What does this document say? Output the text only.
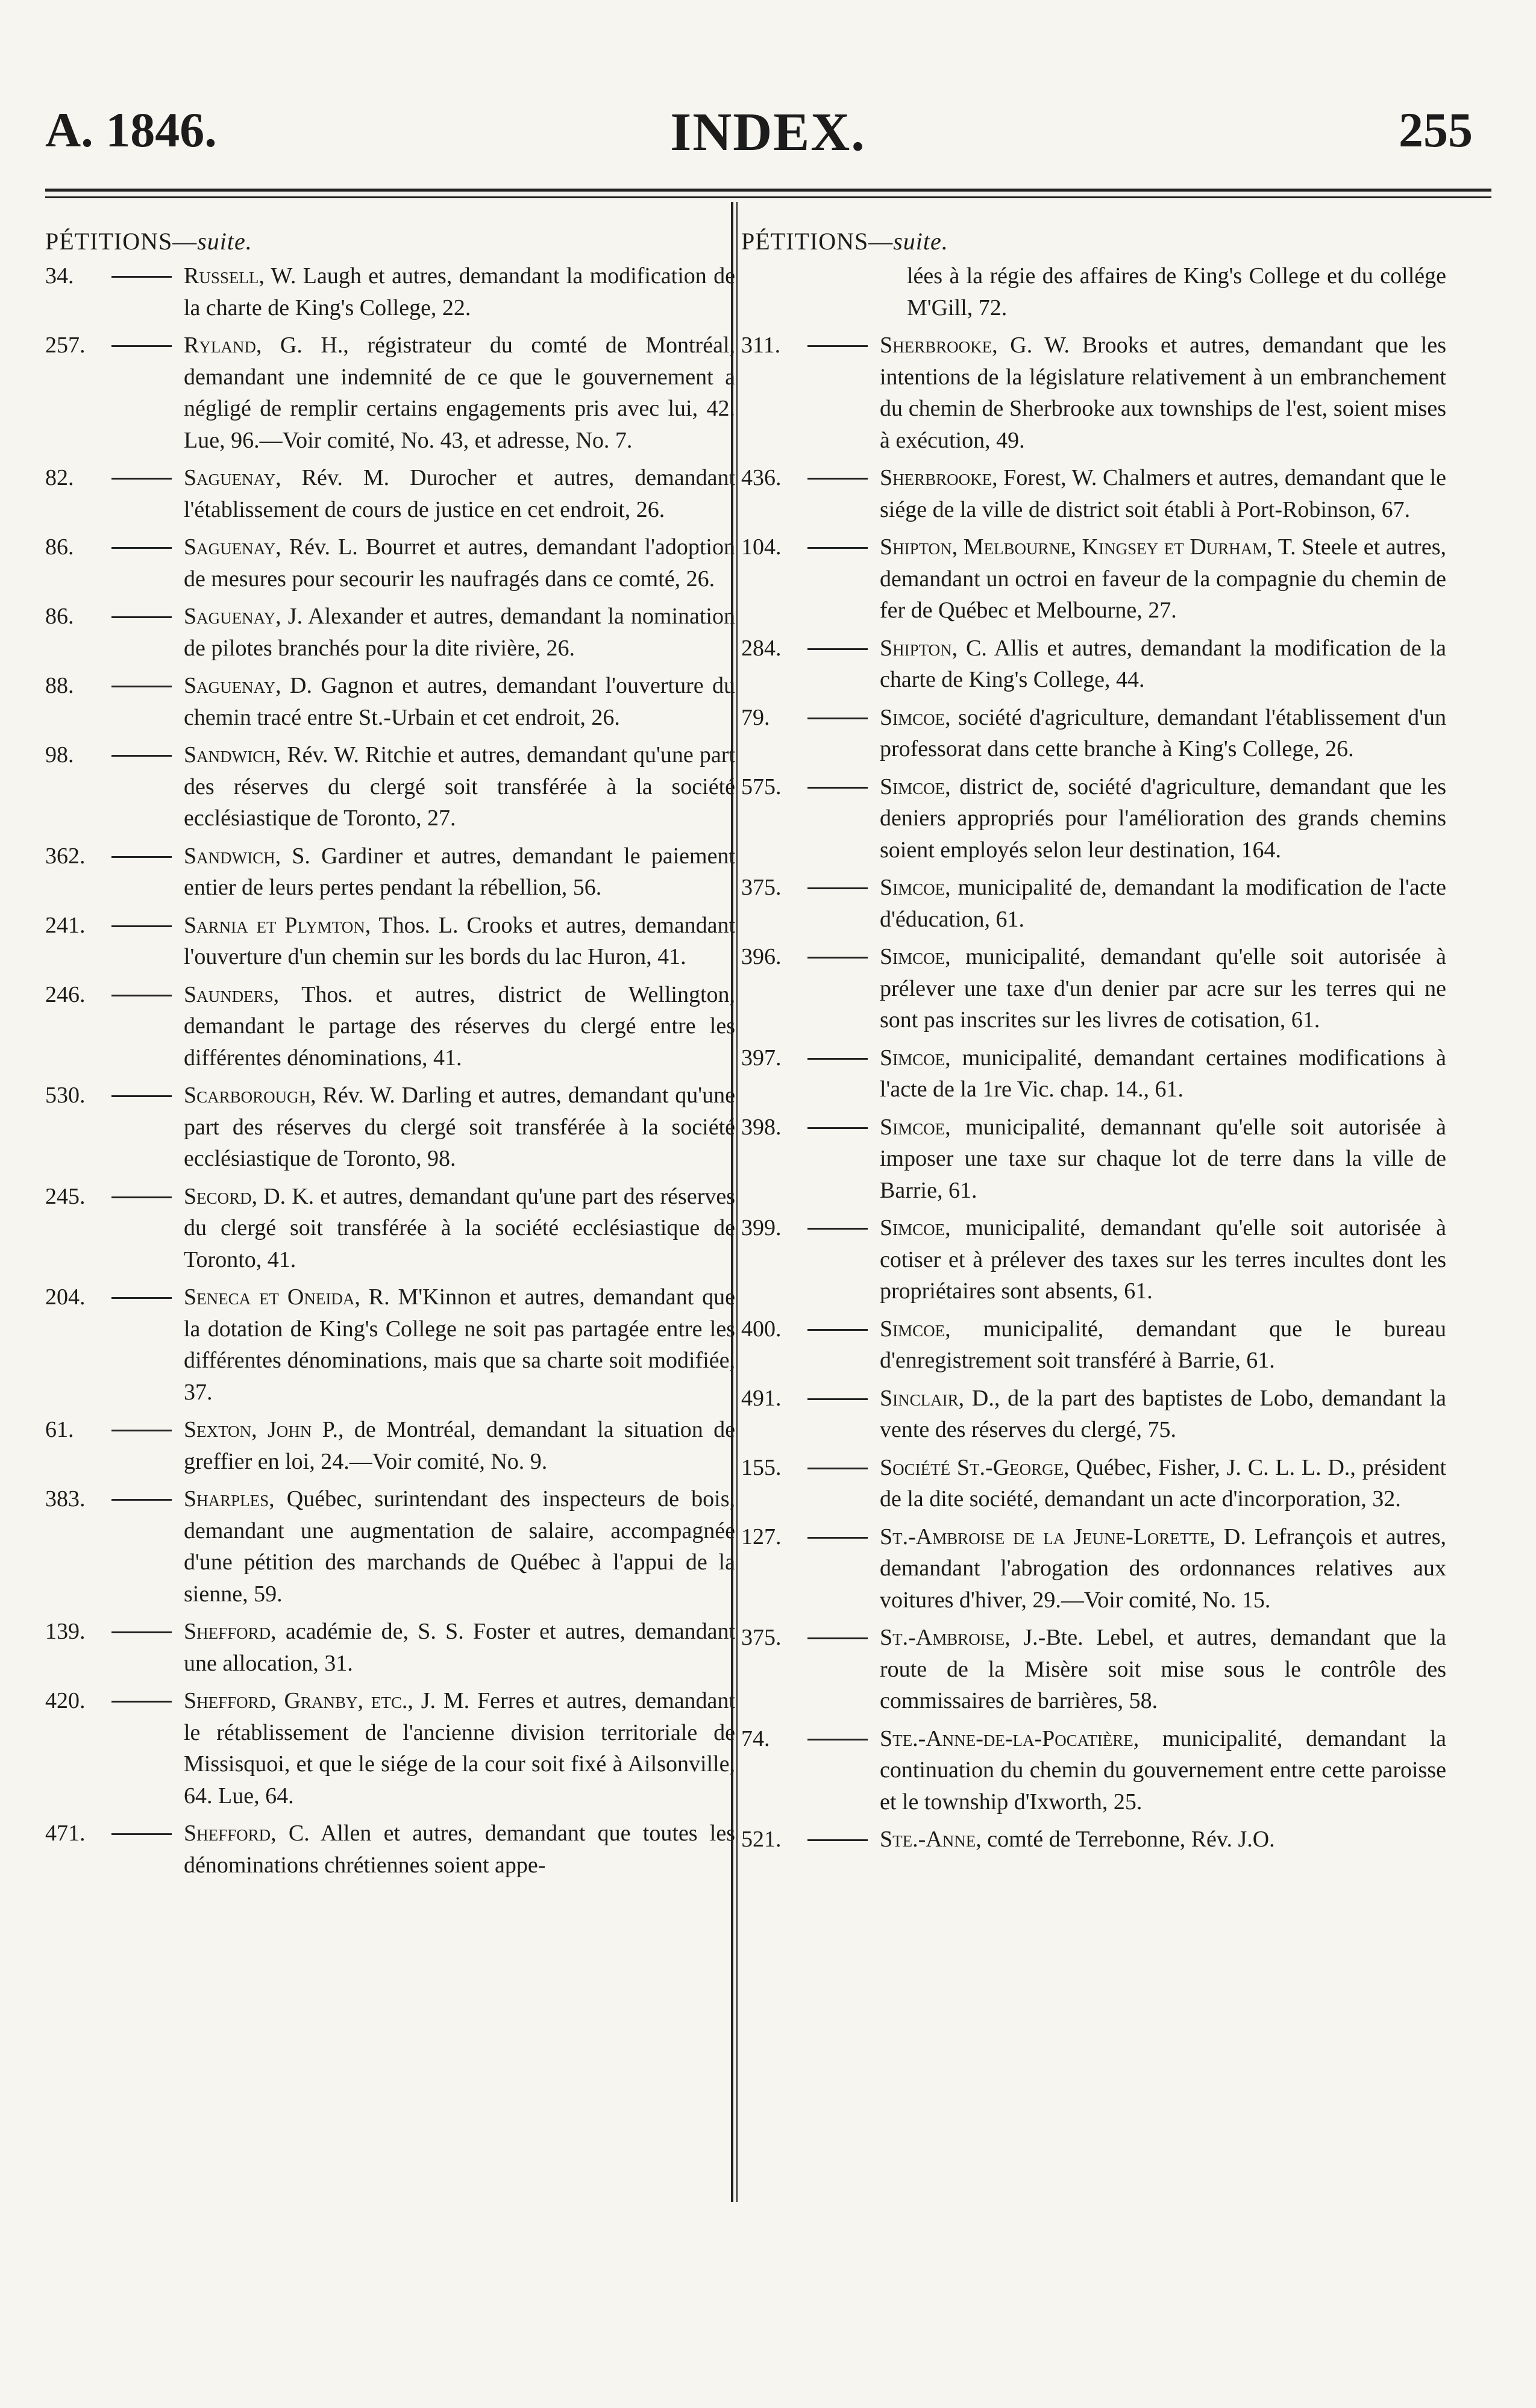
A. 1846.	INDEX.	255
PÉTITIONS—suite.
34.	Russell, W. Laugh et autres, demandant la modification de la charte de King's College, 22.
257.	Ryland, G. H., régistrateur du comté de Montréal, demandant une indemnité de ce que le gouvernement a négligé de remplir certains engagements pris avec lui, 42. Lue, 96.—Voir comité, No. 43, et adresse, No. 7.
82.	Saguenay, Rév. M. Durocher et autres, demandant l'établissement de cours de justice en cet endroit, 26.
86.	Saguenay, Rév. L. Bourret et autres, demandant l'adoption de mesures pour secourir les naufragés dans ce comté, 26.
86.	Saguenay, J. Alexander et autres, demandant la nomination de pilotes branchés pour la dite rivière, 26.
88.	Saguenay, D. Gagnon et autres, demandant l'ouverture du chemin tracé entre St.-Urbain et cet endroit, 26.
98.	Sandwich, Rév. W. Ritchie et autres, demandant qu'une part des réserves du clergé soit transférée à la société ecclésiastique de Toronto, 27.
362.	Sandwich, S. Gardiner et autres, demandant le paiement entier de leurs pertes pendant la rébellion, 56.
241.	Sarnia et Plymton, Thos. L. Crooks et autres, demandant l'ouverture d'un chemin sur les bords du lac Huron, 41.
246.	Saunders, Thos. et autres, district de Wellington, demandant le partage des réserves du clergé entre les différentes dénominations, 41.
530.	Scarborough, Rév. W. Darling et autres, demandant qu'une part des réserves du clergé soit transférée à la société ecclésiastique de Toronto, 98.
245.	Secord, D. K. et autres, demandant qu'une part des réserves du clergé soit transférée à la société ecclésiastique de Toronto, 41.
204.	Seneca et Oneida, R. M'Kinnon et autres, demandant que la dotation de King's College ne soit pas partagée entre les différentes dénominations, mais que sa charte soit modifiée, 37.
61.	Sexton, John P., de Montréal, demandant la situation de greffier en loi, 24.—Voir comité, No. 9.
383.	Sharples, Québec, surintendant des inspecteurs de bois, demandant une augmentation de salaire, accompagnée d'une pétition des marchands de Québec à l'appui de la sienne, 59.
139.	Shefford, académie de, S. S. Foster et autres, demandant une allocation, 31.
420.	Shefford, Granby, etc., J. M. Ferres et autres, demandant le rétablissement de l'ancienne division territoriale de Missisquoi, et que le siége de la cour soit fixé à Ailsonville, 64. Lue, 64.
471.	Shefford, C. Allen et autres, demandant que toutes les dénominations chrétiennes soient appe-
PÉTITIONS—suite.
lées à la régie des affaires de King's College et du collége M'Gill, 72.
311.	Sherbrooke, G. W. Brooks et autres, demandant que les intentions de la législature relativement à un embranchement du chemin de Sherbrooke aux townships de l'est, soient mises à exécution, 49.
436.	Sherbrooke, Forest, W. Chalmers et autres, demandant que le siége de la ville de district soit établi à Port-Robinson, 67.
104.	Shipton, Melbourne, Kingsey et Durham, T. Steele et autres, demandant un octroi en faveur de la compagnie du chemin de fer de Québec et Melbourne, 27.
284.	Shipton, C. Allis et autres, demandant la modification de la charte de King's College, 44.
79.	Simcoe, société d'agriculture, demandant l'établissement d'un professorat dans cette branche à King's College, 26.
575.	Simcoe, district de, société d'agriculture, demandant que les deniers appropriés pour l'amélioration des grands chemins soient employés selon leur destination, 164.
375.	Simcoe, municipalité de, demandant la modification de l'acte d'éducation, 61.
396.	Simcoe, municipalité, demandant qu'elle soit autorisée à prélever une taxe d'un denier par acre sur les terres qui ne sont pas inscrites sur les livres de cotisation, 61.
397.	Simcoe, municipalité, demandant certaines modifications à l'acte de la 1re Vic. chap. 14., 61.
398.	Simcoe, municipalité, demannant qu'elle soit autorisée à imposer une taxe sur chaque lot de terre dans la ville de Barrie, 61.
399.	Simcoe, municipalité, demandant qu'elle soit autorisée à cotiser et à prélever des taxes sur les terres incultes dont les propriétaires sont absents, 61.
400.	Simcoe, municipalité, demandant que le bureau d'enregistrement soit transféré à Barrie, 61.
491.	Sinclair, D., de la part des baptistes de Lobo, demandant la vente des réserves du clergé, 75.
155.	Société St.-George, Québec, Fisher, J. C. L. L. D., président de la dite société, demandant un acte d'incorporation, 32.
127.	St.-Ambroise de la Jeune-Lorette, D. Lefrançois et autres, demandant l'abrogation des ordonnances relatives aux voitures d'hiver, 29.—Voir comité, No. 15.
375.	St.-Ambroise, J.-Bte. Lebel, et autres, demandant que la route de la Misère soit mise sous le contrôle des commissaires de barrières, 58.
74.	Ste.-Anne-de-la-Pocatière, municipalité, demandant la continuation du chemin du gouvernement entre cette paroisse et le township d'Ixworth, 25.
521.	Ste.-Anne, comté de Terrebonne, Rév. J.O.
